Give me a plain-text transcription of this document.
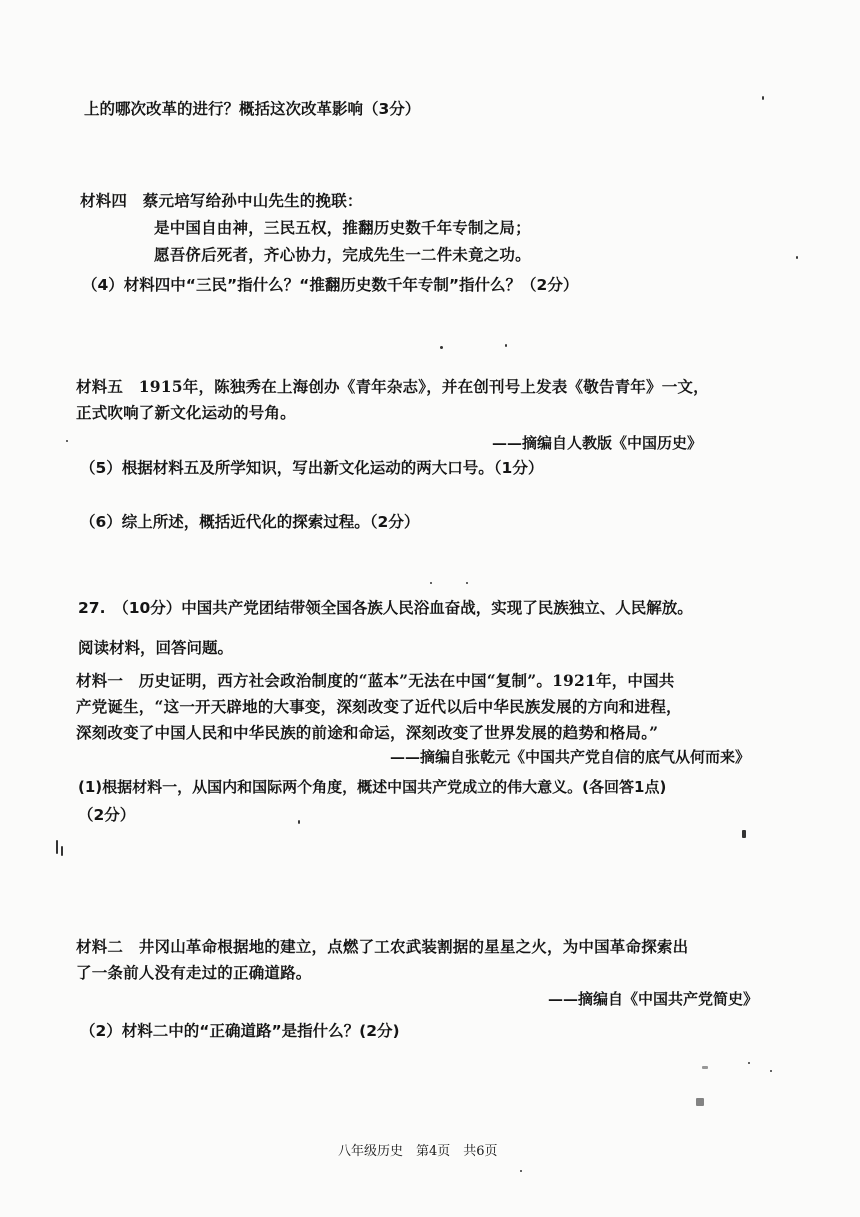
上的哪次改革的进行？概括这次改革影响（3分）
材料四　蔡元培写给孙中山先生的挽联：
是中国自由神，三民五权，推翻历史数千年专制之局；
愿吾侪后死者，齐心协力，完成先生一二件未竟之功。
（4）材料四中“三民”指什么？“推翻历史数千年专制”指什么？（2分）
材料五　1915年，陈独秀在上海创办《青年杂志》，并在创刊号上发表《敬告青年》一文，
正式吹响了新文化运动的号角。
——摘编自人教版《中国历史》
（5）根据材料五及所学知识，写出新文化运动的两大口号。（1分）
（6）综上所述，概括近代化的探索过程。（2分）
27.　（10分）中国共产党团结带领全国各族人民浴血奋战，实现了民族独立、人民解放。
阅读材料，回答问题。
材料一　历史证明，西方社会政治制度的“蓝本”无法在中国“复制”。1921年，中国共
产党诞生，“这一开天辟地的大事变，深刻改变了近代以后中华民族发展的方向和进程，
深刻改变了中国人民和中华民族的前途和命运，深刻改变了世界发展的趋势和格局。”
——摘编自张乾元《中国共产党自信的底气从何而来》
(1)根据材料一，从国内和国际两个角度，概述中国共产党成立的伟大意义。(各回答1点)
（2分）
材料二　井冈山革命根据地的建立，点燃了工农武装割据的星星之火，为中国革命探索出
了一条前人没有走过的正确道路。
——摘编自《中国共产党简史》
（2）材料二中的“正确道路”是指什么？(2分)
八年级历史　第4页　共6页
